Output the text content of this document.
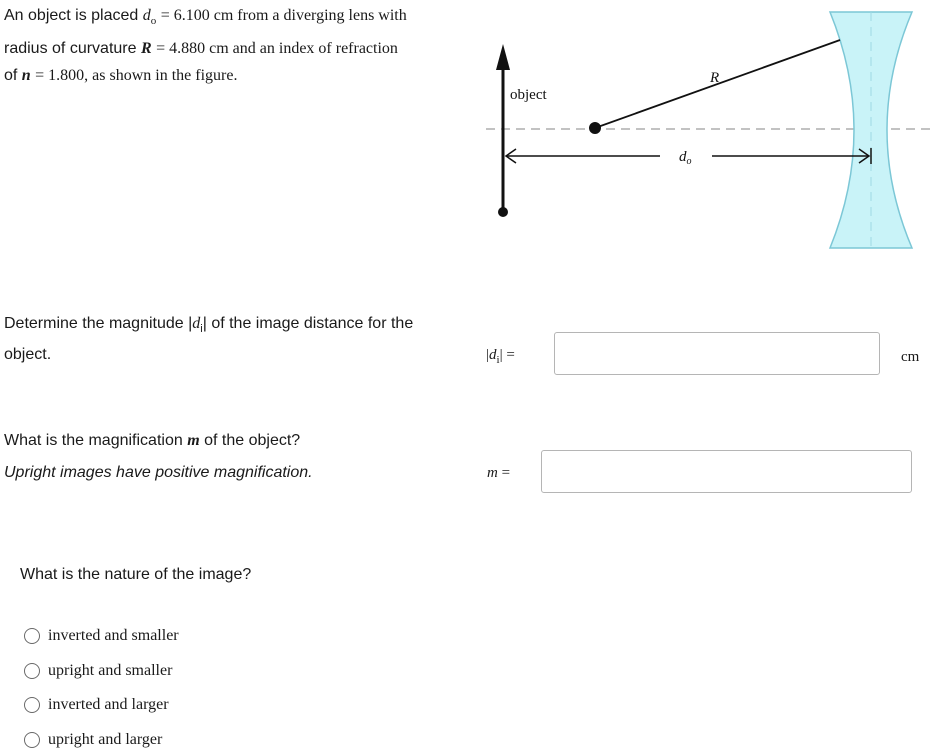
An object is placed $d_o = 6.100$ cm from a diverging lens with
radius of curvature R = 4.880 cm and an index of refraction
of n = 1.800, as shown in the figure.
object
R
$d_o$
Determine the magnitude $|d_i|$ of the image distance for the object.	$|d_i|$ =	cm
What is the magnification m of the object?
Upright images have positive magnification.	m =
What is the nature of the image?
inverted and smaller
upright and smaller
inverted and larger
upright and larger
